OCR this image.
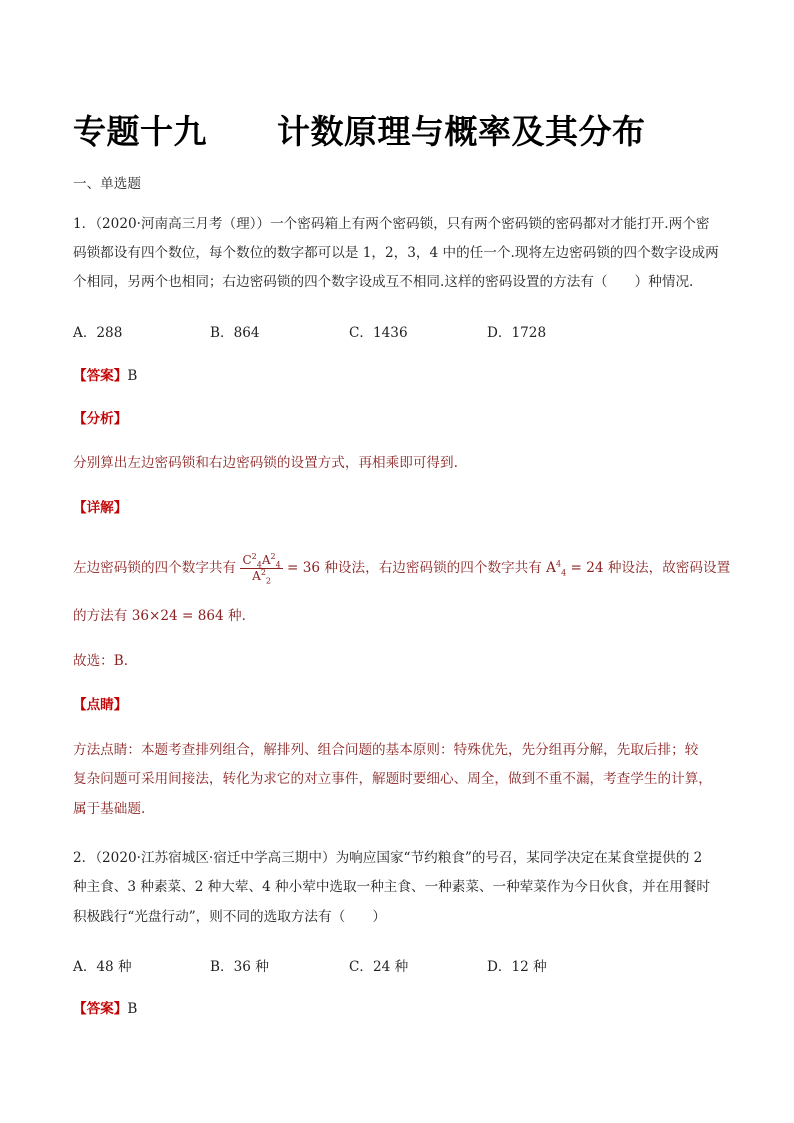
专题十九 计数原理与概率及其分布
一、单选题
1．（2020·河南高三月考（理））一个密码箱上有两个密码锁，只有两个密码锁的密码都对才能打开.两个密
码锁都设有四个数位，每个数位的数字都可以是 1，2，3，4 中的任一个.现将左边密码锁的四个数字设成两
个相同，另两个也相同；右边密码锁的四个数字设成互不相同.这样的密码设置的方法有（　　）种情况.
A．288	B．864	C．1436	D．1728
【答案】B
【分析】
分别算出左边密码锁和右边密码锁的设置方式，再相乘即可得到.
【详解】
左边密码锁的四个数字共有 $\frac{C^2_4A^2_4}{A^2_2} = 36$ 种设法，右边密码锁的四个数字共有 $A^4_4 = 24$ 种设法，故密码设置
的方法有 36×24 = 864 种.
故选：B.
【点睛】
方法点睛：本题考查排列组合，解排列、组合问题的基本原则：特殊优先，先分组再分解，先取后排；较
复杂问题可采用间接法，转化为求它的对立事件，解题时要细心、周全，做到不重不漏，考查学生的计算，
属于基础题.
2．（2020·江苏宿城区·宿迁中学高三期中）为响应国家“节约粮食”的号召，某同学决定在某食堂提供的 2
种主食、3 种素菜、2 种大荤、4 种小荤中选取一种主食、一种素菜、一种荤菜作为今日伙食，并在用餐时
积极践行“光盘行动”，则不同的选取方法有（　　）
A．48 种	B．36 种	C．24 种	D．12 种
【答案】B
